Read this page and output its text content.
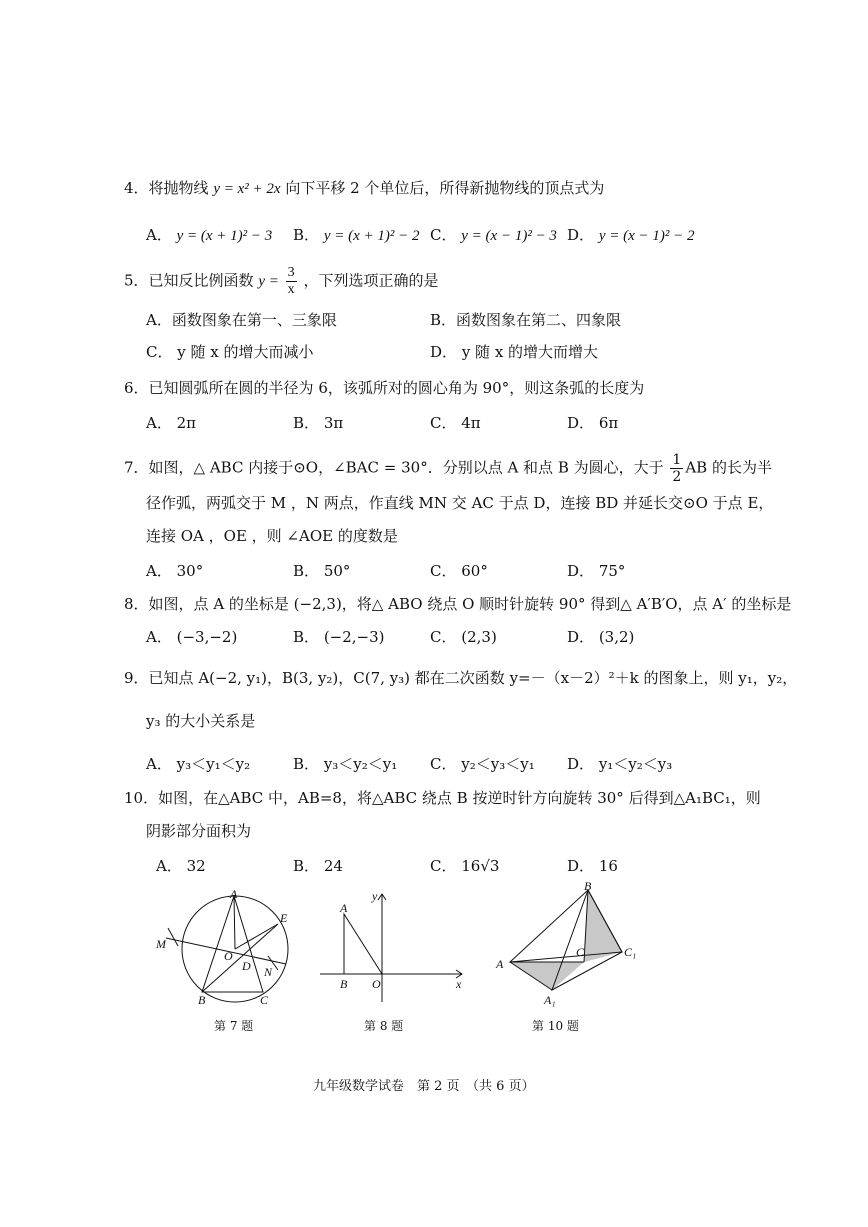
4．将抛物线 y = x² + 2x 向下平移 2 个单位后，所得新抛物线的顶点式为
A． y = (x + 1)² − 3 B． y = (x + 1)² − 2 C． y = (x − 1)² − 3 D． y = (x − 1)² − 2
5．已知反比例函数 $y = \frac{3}{x}$ ，下列选项正确的是
A．函数图象在第一、三象限	B．函数图象在第二、四象限
C． y 随 x 的增大而减小	D． y 随 x 的增大而增大
6．已知圆弧所在圆的半径为 6，该弧所对的圆心角为 90°，则这条弧的长度为
A． 2π	B． 3π	C． 4π	D． 6π
7．如图，△ ABC 内接于⊙O，∠BAC = 30°．分别以点 A 和点 B 为圆心，大于 $\frac{1}{2}$ AB 的长为半
径作弧，两弧交于 M ，N 两点，作直线 MN 交 AC 于点 D，连接 BD 并延长交⊙O 于点 E，
连接 OA ，OE ，则 ∠AOE 的度数是
A． 30°	B． 50°	C． 60°	D． 75°
8．如图，点 A 的坐标是 (−2,3)，将△ ABO 绕点 O 顺时针旋转 90° 得到△ A′B′O，点 A′ 的坐标是
A． (−3,−2)	B． (−2,−3)	C． (2,3)	D． (3,2)
9．已知点 A(−2, y₁)，B(3, y₂)，C(7, y₃) 都在二次函数 y=－（x－2）²＋k 的图象上，则 y₁，y₂，
y₃ 的大小关系是
A． y₃＜y₁＜y₂	B． y₃＜y₂＜y₁ C． y₂＜y₃＜y₁ D． y₁＜y₂＜y₃
10．如图，在△ABC 中，AB=8，将△ABC 绕点 B 按逆时针方向旋转 30° 后得到△A₁BC₁，则
阴影部分面积为
A． 32	B． 24	C． 16√3	D． 16
A
E
M
O
D N
B	C
第 7 题
A
y
B O	x
第 8 题
B
C	C₁
A
A₁
第 10 题
九年级数学试卷　第 2 页　（共 6 页）
